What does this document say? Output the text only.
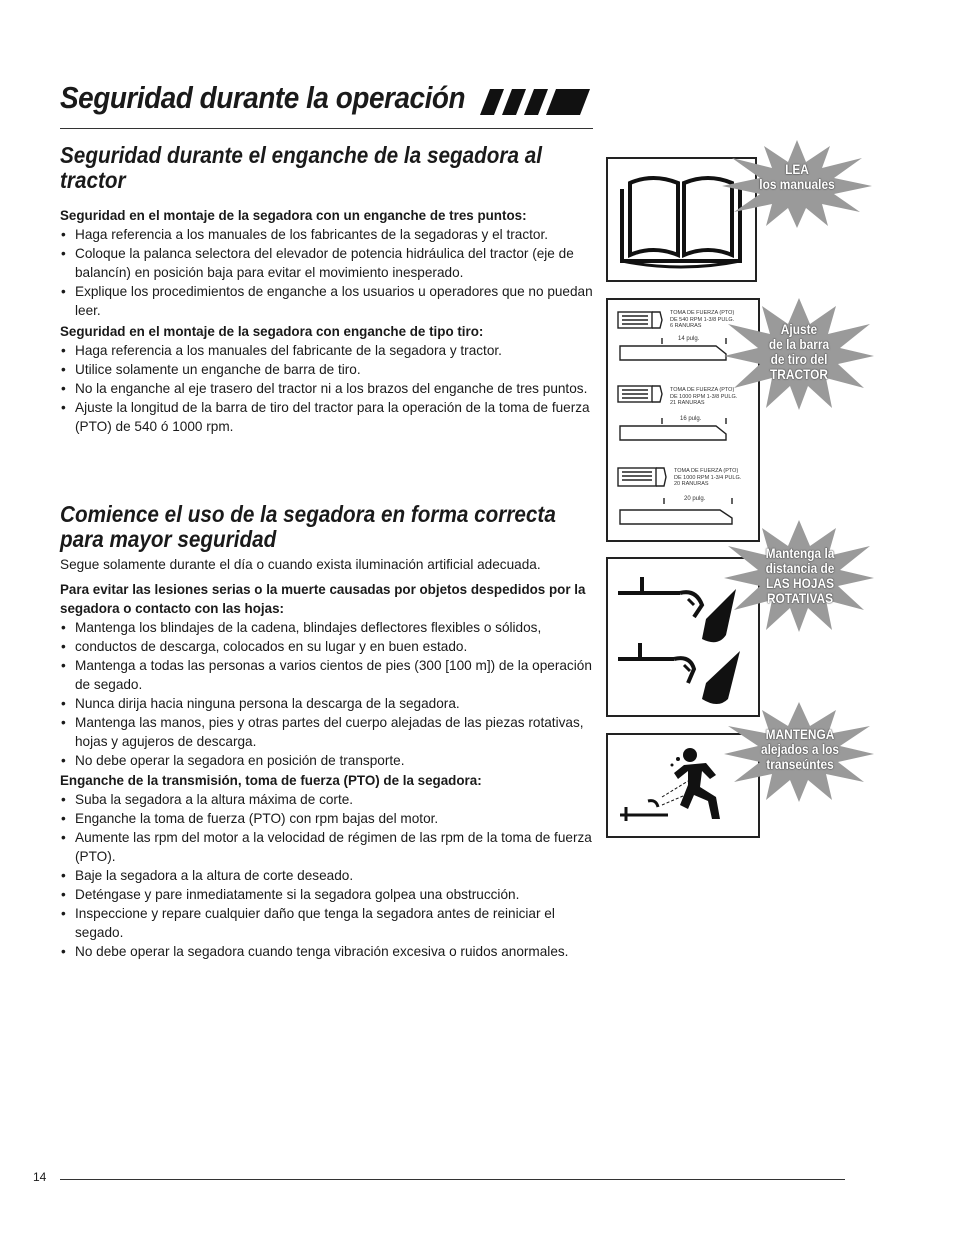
Seguridad durante la operación
Seguridad durante el enganche de la segadora al tractor

Seguridad en el montaje de la segadora con un enganche de tres puntos:

• Haga referencia a los manuales de los fabricantes de la segadoras y el tractor.
• Coloque la palanca selectora del elevador de potencia hidráulica del tractor (eje de balancín) en posición baja para evitar el movimiento inesperado.
• Explique los procedimientos de enganche a los usuarios u operadores que no puedan leer.

Seguridad en el montaje de la segadora con enganche de tipo tiro:

• Haga referencia a los manuales del fabricante de la segadora y tractor.
• Utilice solamente un enganche de barra de tiro.
• No la enganche al eje trasero del tractor ni a los brazos del enganche de tres puntos.
• Ajuste la longitud de la barra de tiro del tractor para la operación de la toma de fuerza (PTO) de 540 ó 1000 rpm.
Comience el uso de la segadora en forma correcta para mayor seguridad

Segue solamente durante el día o cuando exista iluminación artificial adecuada.

Para evitar las lesiones serias o la muerte causadas por objetos despedidos por la segadora o contacto con las hojas:

• Mantenga los blindajes de la cadena, blindajes deflectores flexibles o sólidos,
• conductos de descarga, colocados en su lugar y en buen estado.
• Mantenga a todas las personas a varios cientos de pies (300 [100 m]) de la operación de segado.
• Nunca dirija hacia ninguna persona la descarga de la segadora.
• Mantenga las manos, pies y otras partes del cuerpo alejadas de las piezas rotativas, hojas y agujeros de descarga.
• No debe operar la segadora en posición de transporte.

Enganche de la transmisión, toma de fuerza (PTO) de la segadora:

• Suba la segadora a la altura máxima de corte.
• Enganche la toma de fuerza (PTO) con rpm bajas del motor.
• Aumente las rpm del motor a la velocidad de régimen de las rpm de la toma de fuerza (PTO).
• Baje la segadora a la altura de corte deseado.
• Deténgase y pare inmediatamente si la segadora golpea una obstrucción.
• Inspeccione y repare cualquier daño que tenga la segadora antes de reiniciar el segado.
• No debe operar la segadora cuando tenga vibración excesiva o ruidos anormales.
LEA
los manuales
TOMA DE FUERZA (PTO)
DE 540 RPM 1-3/8 PULG.
6 RANURAS
14 pulg.
TOMA DE FUERZA (PTO)
DE 1000 RPM 1-3/8 PULG.
21 RANURAS
16 pulg.
TOMA DE FUERZA (PTO)
DE 1000 RPM 1-3/4 PULG.
20 RANURAS
20 pulg.
Ajuste
de la barra
de tiro del
TRACTOR
Mantenga la
distancia de
LAS HOJAS
ROTATIVAS
MANTENGA
alejados a los
transeúntes
14
